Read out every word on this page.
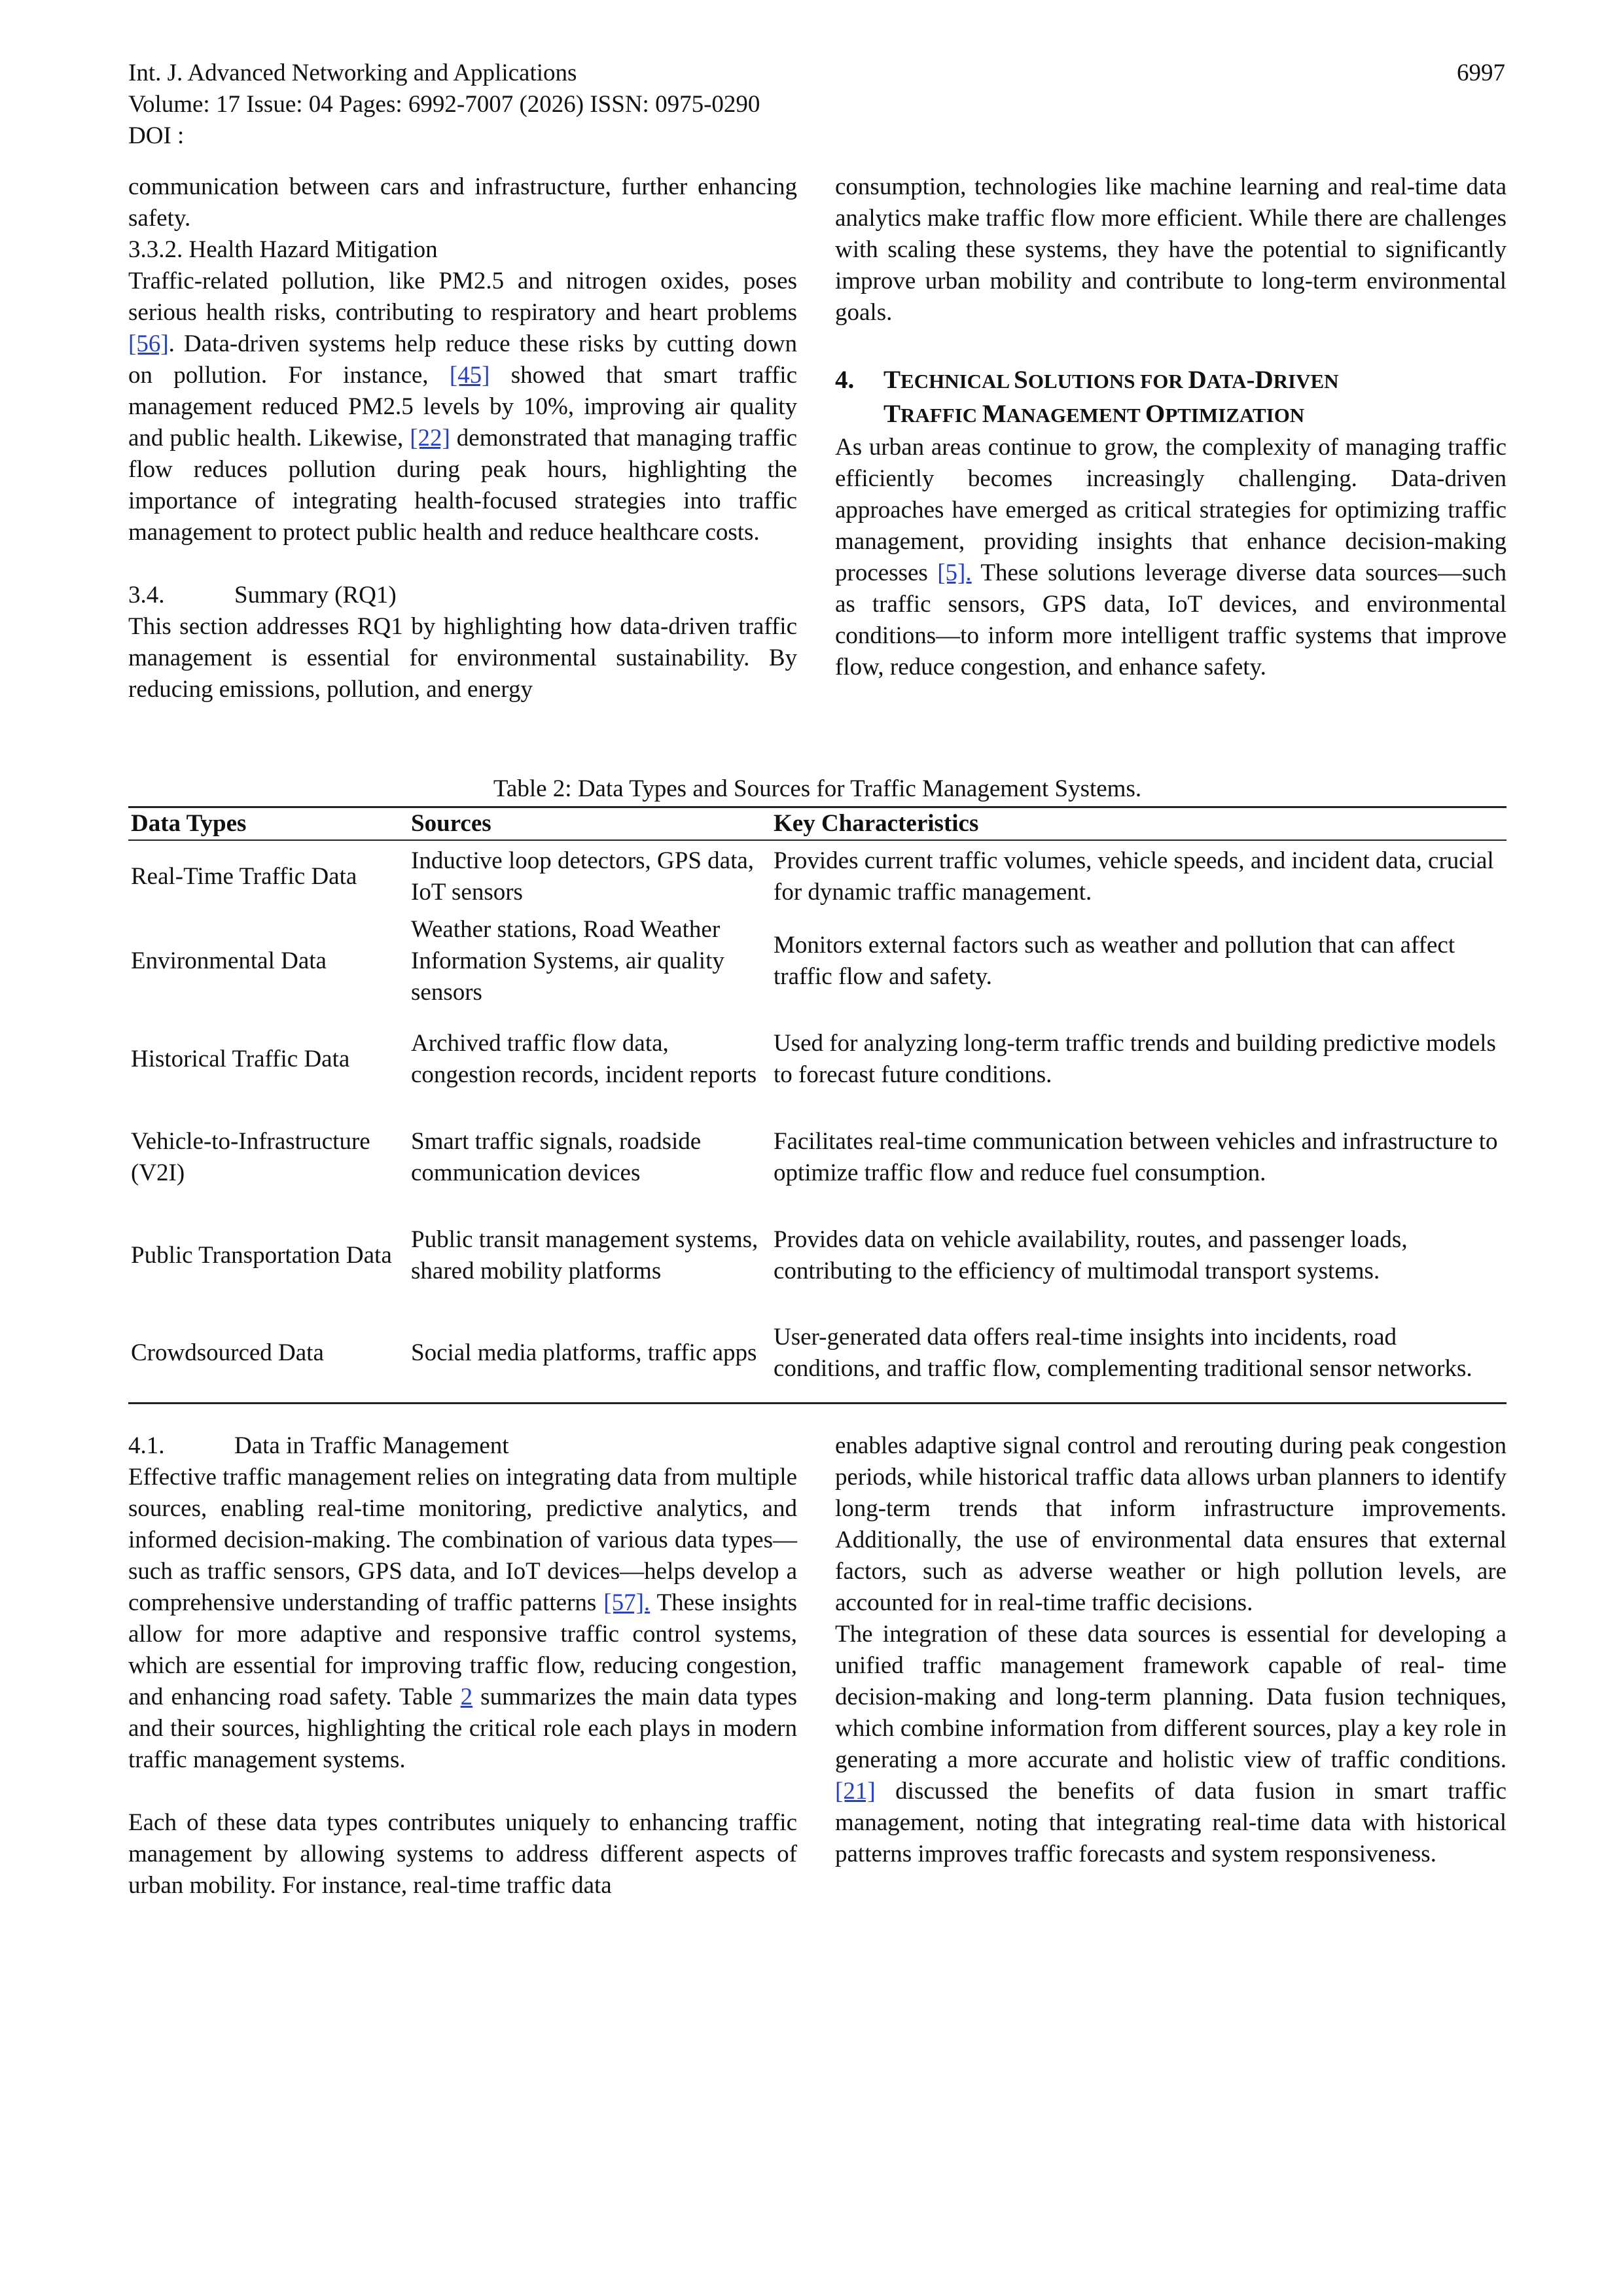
Int. J. Advanced Networking and Applications
Volume: 17 Issue: 04 Pages: 6992-7007 (2026) ISSN: 0975-0290
DOI :
6997

communication between cars and infrastructure, further enhancing safety.

3.3.2. Health Hazard Mitigation

Traffic-related pollution, like PM2.5 and nitrogen oxides, poses serious health risks, contributing to respiratory and heart problems [56]. Data-driven systems help reduce these risks by cutting down on pollution. For instance, [45] showed that smart traffic management reduced PM2.5 levels by 10%, improving air quality and public health. Likewise, [22] demonstrated that managing traffic flow reduces pollution during peak hours, highlighting the importance of integrating health-focused strategies into traffic management to protect public health and reduce healthcare costs.

3.4.	Summary (RQ1)

This section addresses RQ1 by highlighting how data-driven traffic management is essential for environmental sustainability. By reducing emissions, pollution, and energy

consumption, technologies like machine learning and real-time data analytics make traffic flow more efficient. While there are challenges with scaling these systems, they have the potential to significantly improve urban mobility and contribute to long-term environmental goals.

4. TECHNICAL SOLUTIONS FOR DATA-DRIVEN
TRAFFIC MANAGEMENT OPTIMIZATION

As urban areas continue to grow, the complexity of managing traffic efficiently becomes increasingly challenging. Data-driven approaches have emerged as critical strategies for optimizing traffic management, providing insights that enhance decision-making processes [5]. These solutions leverage diverse data sources—such as traffic sensors, GPS data, IoT devices, and environmental conditions—to inform more intelligent traffic systems that improve flow, reduce congestion, and enhance safety.

Table 2: Data Types and Sources for Traffic Management Systems.
Data Types	Sources	Key Characteristics
Real-Time Traffic Data	Inductive loop detectors, GPS data, IoT sensors	Provides current traffic volumes, vehicle speeds, and incident data, crucial for dynamic traffic management.
Environmental Data	Weather stations, Road Weather Information Systems, air quality sensors	Monitors external factors such as weather and pollution that can affect traffic flow and safety.
Historical Traffic Data	Archived traffic flow data, congestion records, incident reports	Used for analyzing long-term traffic trends and building predictive models to forecast future conditions.
Vehicle-to-Infrastructure (V2I)	Smart traffic signals, roadside communication devices	Facilitates real-time communication between vehicles and infrastructure to optimize traffic flow and reduce fuel consumption.
Public Transportation Data	Public transit management systems, shared mobility platforms	Provides data on vehicle availability, routes, and passenger loads, contributing to the efficiency of multimodal transport systems.
Crowdsourced Data	Social media platforms, traffic apps	User-generated data offers real-time insights into incidents, road conditions, and traffic flow, complementing traditional sensor networks.

4.1.	Data in Traffic Management

Effective traffic management relies on integrating data from multiple sources, enabling real-time monitoring, predictive analytics, and informed decision-making. The combination of various data types—such as traffic sensors, GPS data, and IoT devices—helps develop a comprehensive understanding of traffic patterns [57]. These insights allow for more adaptive and responsive traffic control systems, which are essential for improving traffic flow, reducing congestion, and enhancing road safety. Table 2 summarizes the main data types and their sources, highlighting the critical role each plays in modern traffic management systems.

Each of these data types contributes uniquely to enhancing traffic management by allowing systems to address different aspects of urban mobility. For instance, real-time traffic data

enables adaptive signal control and rerouting during peak congestion periods, while historical traffic data allows urban planners to identify long-term trends that inform infrastructure improvements. Additionally, the use of environmental data ensures that external factors, such as adverse weather or high pollution levels, are accounted for in real-time traffic decisions.

The integration of these data sources is essential for developing a unified traffic management framework capable of real- time decision-making and long-term planning. Data fusion techniques, which combine information from different sources, play a key role in generating a more accurate and holistic view of traffic conditions. [21] discussed the benefits of data fusion in smart traffic management, noting that integrating real-time data with historical patterns improves traffic forecasts and system responsiveness.
